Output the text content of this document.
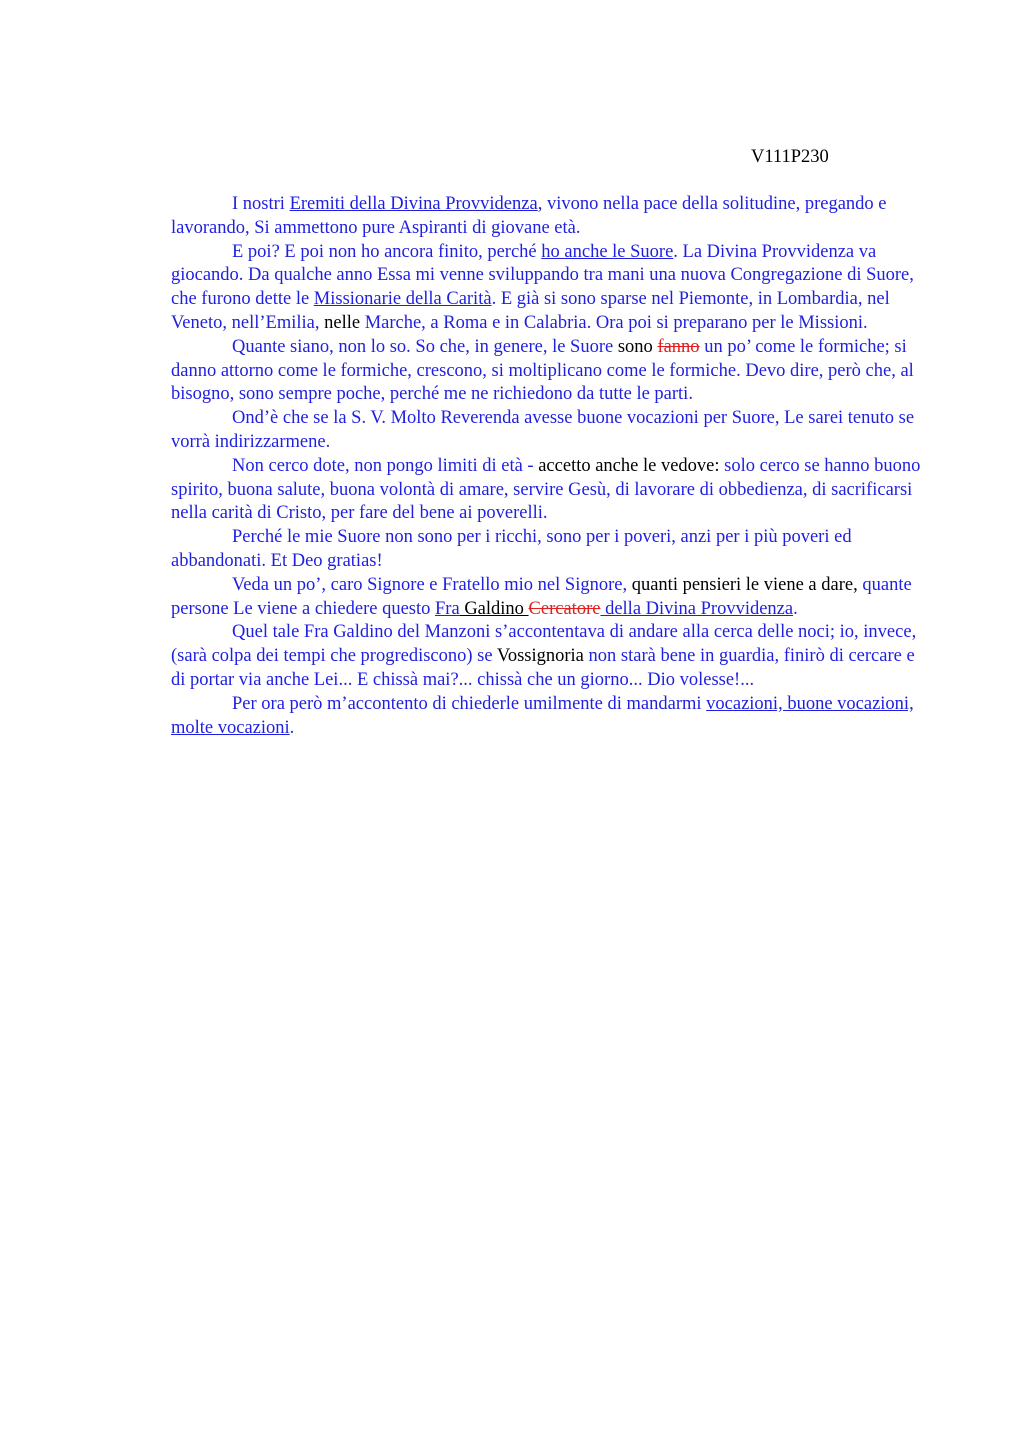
V111P230

I nostri Eremiti della Divina Provvidenza, vivono nella pace della solitudine, pregando e lavorando, Si ammettono pure Aspiranti di giovane età.

E poi? E poi non ho ancora finito, perché ho anche le Suore. La Divina Provvidenza va giocando. Da qualche anno Essa mi venne sviluppando tra mani una nuova Congregazione di Suore, che furono dette le Missionarie della Carità. E già si sono sparse nel Piemonte, in Lombardia, nel Veneto, nell’Emilia, nelle Marche, a Roma e in Calabria. Ora poi si preparano per le Missioni.

Quante siano, non lo so. So che, in genere, le Suore sono fanno un po’ come le formiche; si danno attorno come le formiche, crescono, si moltiplicano come le formiche. Devo dire, però che, al bisogno, sono sempre poche, perché me ne richiedono da tutte le parti.

Ond’è che se la S. V. Molto Reverenda avesse buone vocazioni per Suore, Le sarei tenuto se vorrà indirizzarmene.

Non cerco dote, non pongo limiti di età - accetto anche le vedove: solo cerco se hanno buono spirito, buona salute, buona volontà di amare, servire Gesù, di lavorare di obbedienza, di sacrificarsi nella carità di Cristo, per fare del bene ai poverelli.

Perché le mie Suore non sono per i ricchi, sono per i poveri, anzi per i più poveri ed abbandonati. Et Deo gratias!

Veda un po’, caro Signore e Fratello mio nel Signore, quanti pensieri le viene a dare, quante persone Le viene a chiedere questo Fra Galdino Cercatore della Divina Provvidenza.

Quel tale Fra Galdino del Manzoni s’accontentava di andare alla cerca delle noci; io, invece, (sarà colpa dei tempi che progrediscono) se Vossignoria non starà bene in guardia, finirò di cercare e di portar via anche Lei... E chissà mai?... chissà che un giorno... Dio volesse!...

Per ora però m’accontento di chiederle umilmente di mandarmi vocazioni, buone vocazioni, molte vocazioni.
